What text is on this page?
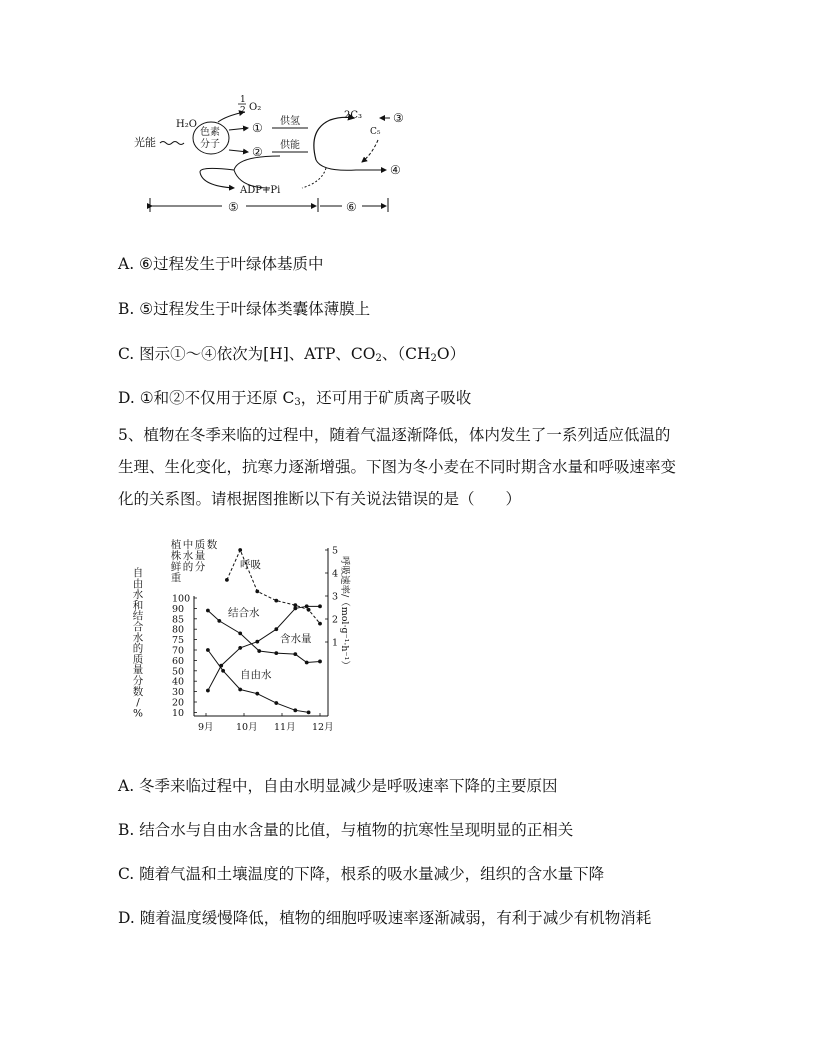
光能
色素
分子
H₂O
1
2 O₂
①
②
供氢
供能
ADP+Pi
2C₃
C₅
③
④
⑤	⑥
A. ⑥过程发生于叶绿体基质中
B. ⑤过程发生于叶绿体类囊体薄膜上
C. 图示①～④依次为[H]、ATP、$CO_2$、$(CH_2O)$
D. ①和②不仅用于还原 $C_3$，还可用于矿质离子吸收
5、植物在冬季来临的过程中，随着气温逐渐降低，体内发生了一系列适应低温的
生理、生化变化，抗寒力逐渐增强。下图为冬小麦在不同时期含水量和呼吸速率变
化的关系图。请根据图推断以下有关说法错误的是（　　）
自
由
水
和
结
合
水
的
质
量
分
数
/
%
植
株
鲜
重
中
水
的
质
量
分
数
呼吸速率/（mol·g⁻¹·h⁻¹）
100
90
85
80
75
70
60
50
40
30
20
10
5
4
3
2
1
9月 10月 11月 12月
呼吸
结合水
含水量
自由水
A. 冬季来临过程中，自由水明显减少是呼吸速率下降的主要原因
B. 结合水与自由水含量的比值，与植物的抗寒性呈现明显的正相关
C. 随着气温和土壤温度的下降，根系的吸水量减少，组织的含水量下降
D. 随着温度缓慢降低，植物的细胞呼吸速率逐渐减弱，有利于减少有机物消耗
